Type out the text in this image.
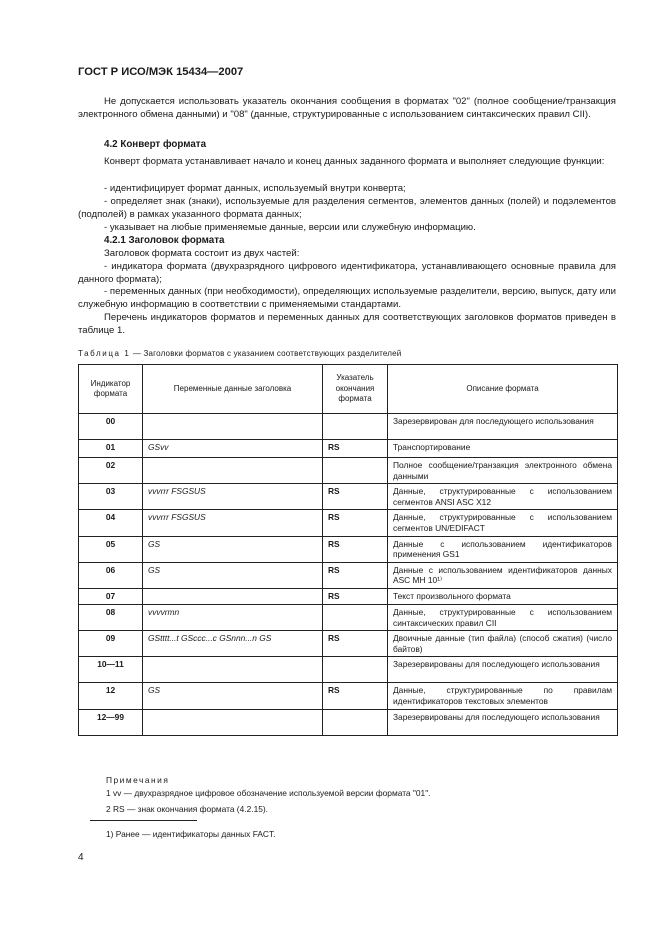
ГОСТ Р ИСО/МЭК 15434—2007
Не допускается использовать указатель окончания сообщения в форматах "02" (полное сообщение/транзакция электронного обмена данными) и "08" (данные, структурированные с использованием синтаксических правил CII).
4.2 Конверт формата
Конверт формата устанавливает начало и конец данных заданного формата и выполняет следующие функции:
- идентифицирует формат данных, используемый внутри конверта;
- определяет знак (знаки), используемые для разделения сегментов, элементов данных (полей) и подэлементов (подполей) в рамках указанного формата данных;
- указывает на любые применяемые данные, версии или служебную информацию.
4.2.1 Заголовок формата
Заголовок формата состоит из двух частей:
- индикатора формата (двухразрядного цифрового идентификатора, устанавливающего основные правила для данного формата);
- переменных данных (при необходимости), определяющих используемые разделители, версию, выпуск, дату или служебную информацию в соответствии с применяемыми стандартами.
Перечень индикаторов форматов и переменных данных для соответствующих заголовков форматов приведен в таблице 1.
Таблица 1 — Заголовки форматов с указанием соответствующих разделителей
Индикатор формата	Переменные данные заголовка	Указатель окончания формата	Описание формата
00			Зарезервирован для последующего использования
01	GSvv	RS	Транспортирование
02			Полное сообщение/транзакция электронного обмена данными
03	vvvrrr FSGSUS	RS	Данные, структурированные с использованием сегментов ANSI ASC X12
04	vvvrrr FSGSUS	RS	Данные, структурированные с использованием сегментов UN/EDIFACT
05	GS	RS	Данные с использованием идентификаторов применения GS1
06	GS	RS	Данные с использованием идентификаторов данных ASC MH 10¹⁾
07		RS	Текст произвольного формата
08	vvvvrmn		Данные, структурированные с использованием синтаксических правил CII
09	GStttt...t GSccc...c GSnnn...n GS	RS	Двоичные данные (тип файла) (способ сжатия) (число байтов)
10—11			Зарезервированы для последующего использования
12	GS	RS	Данные, структурированные по правилам идентификаторов текстовых элементов
12—99			Зарезервированы для последующего использования
Примечания
1 vv — двухразрядное цифровое обозначение используемой версии формата "01".
2 RS — знак окончания формата (4.2.15).
1) Ранее — идентификаторы данных FACT.
4
